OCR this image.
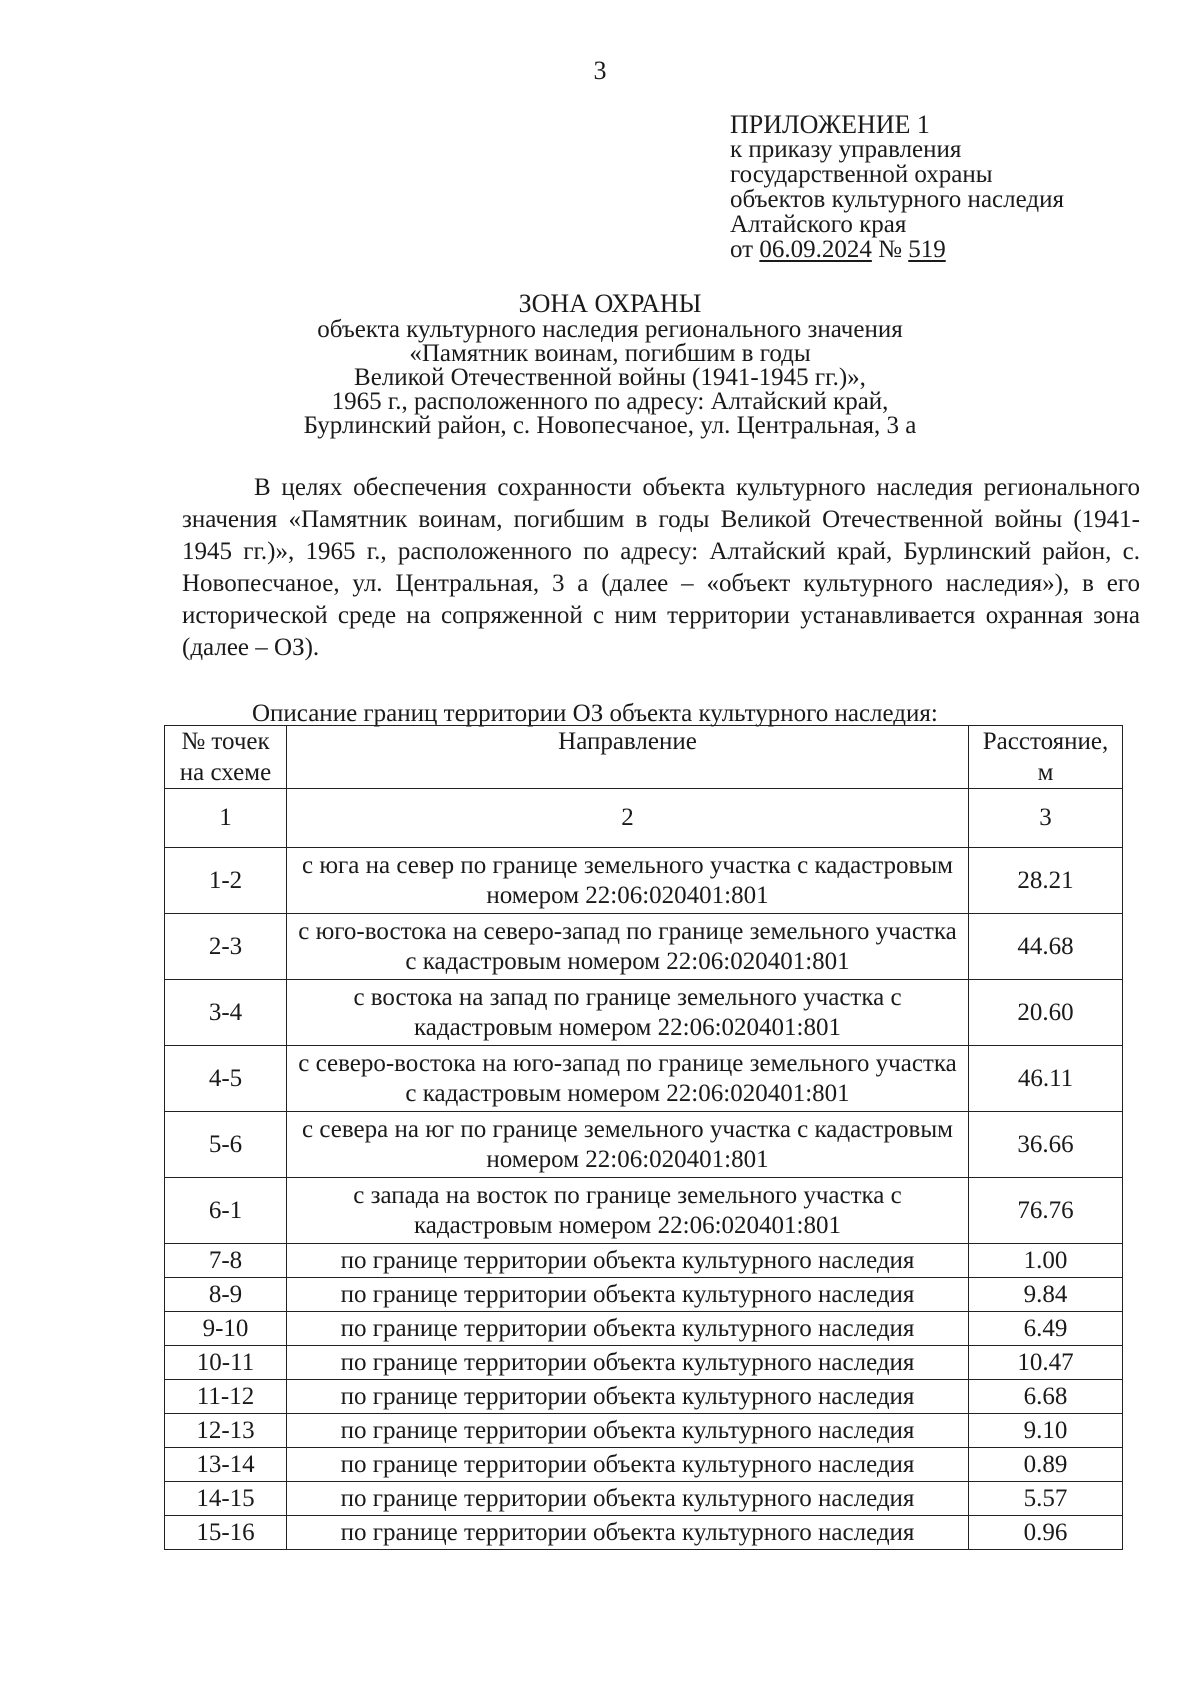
3
ПРИЛОЖЕНИЕ 1
к приказу управления
государственной охраны
объектов культурного наследия
Алтайского края
от 06.09.2024 № 519
ЗОНА ОХРАНЫ
объекта культурного наследия регионального значения
«Памятник воинам, погибшим в годы
Великой Отечественной войны (1941-1945 гг.)»,
1965 г., расположенного по адресу: Алтайский край,
Бурлинский район, с. Новопесчаное, ул. Центральная, 3 а

В целях обеспечения сохранности объекта культурного наследия регионального значения «Памятник воинам, погибшим в годы Великой Отечественной войны (1941-1945 гг.)», 1965 г., расположенного по адресу: Алтайский край, Бурлинский район, с. Новопесчаное, ул. Центральная, 3 а (далее – «объект культурного наследия»), в его исторической среде на сопряженной с ним территории устанавливается охранная зона (далее – ОЗ).

Описание границ территории ОЗ объекта культурного наследия:
№ точек на схеме	Направление	Расстояние, м
1	2	3
1-2	с юга на север по границе земельного участка с кадастровым номером 22:06:020401:801	28.21
2-3	с юго-востока на северо-запад по границе земельного участка с кадастровым номером 22:06:020401:801	44.68
3-4	с востока на запад по границе земельного участка с кадастровым номером 22:06:020401:801	20.60
4-5	с северо-востока на юго-запад по границе земельного участка с кадастровым номером 22:06:020401:801	46.11
5-6	с севера на юг по границе земельного участка с кадастровым номером 22:06:020401:801	36.66
6-1	с запада на восток по границе земельного участка с кадастровым номером 22:06:020401:801	76.76
7-8	по границе территории объекта культурного наследия	1.00
8-9	по границе территории объекта культурного наследия	9.84
9-10	по границе территории объекта культурного наследия	6.49
10-11	по границе территории объекта культурного наследия	10.47
11-12	по границе территории объекта культурного наследия	6.68
12-13	по границе территории объекта культурного наследия	9.10
13-14	по границе территории объекта культурного наследия	0.89
14-15	по границе территории объекта культурного наследия	5.57
15-16	по границе территории объекта культурного наследия	0.96
